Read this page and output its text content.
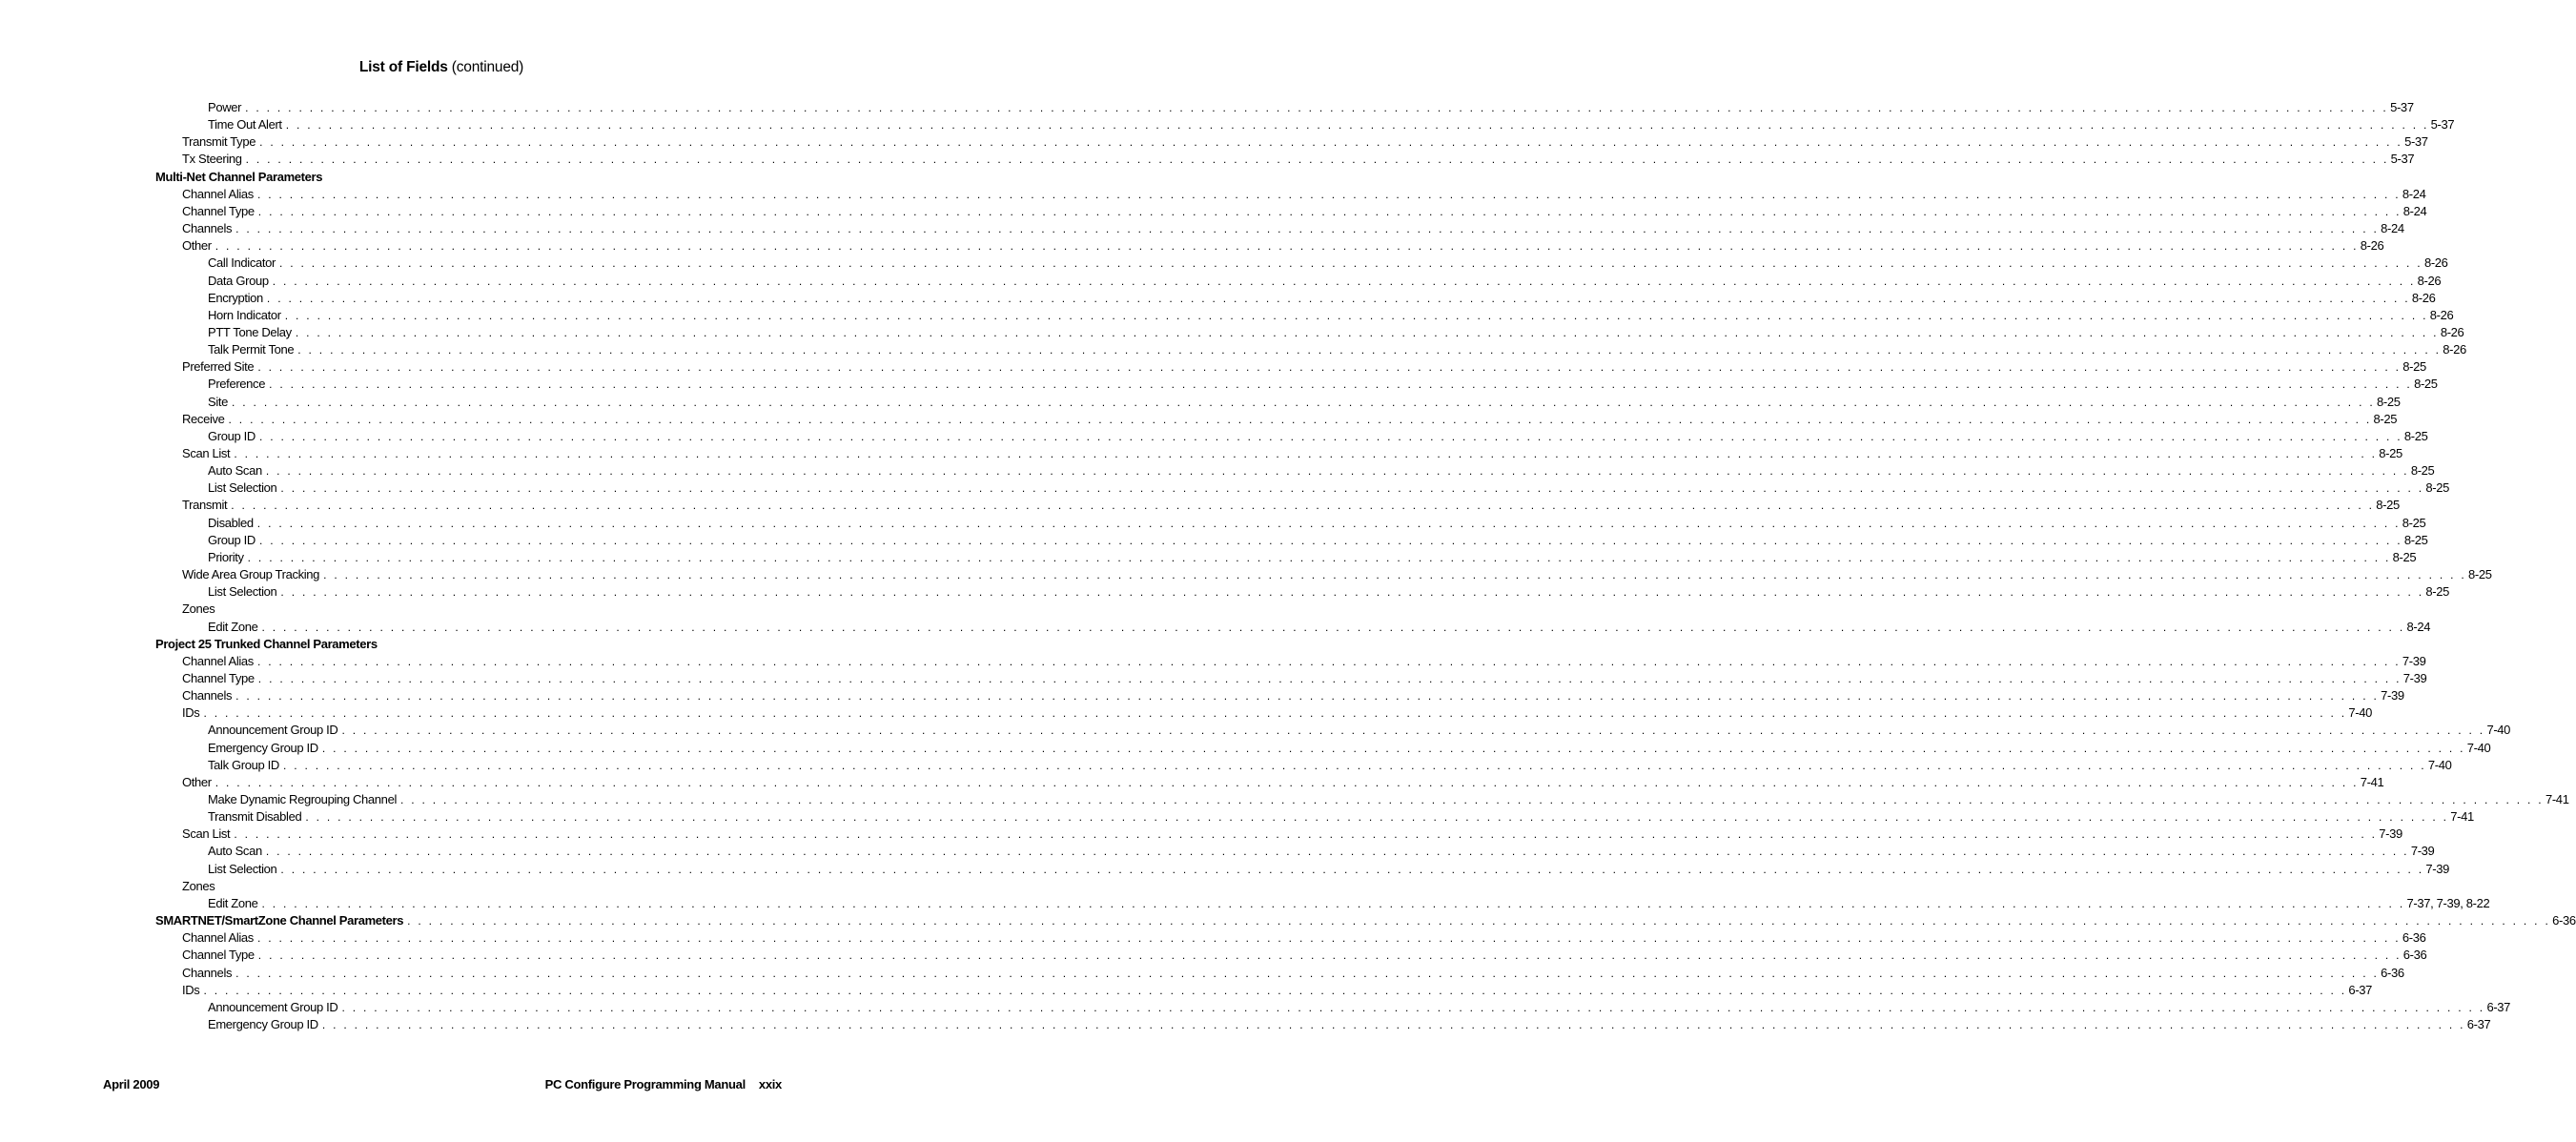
List of Fields (continued)
Power . . . . . . . . . . . . . . . . . . . . . . . . . . . . . . . . . . . . . . . . . . . . . . . . . . . . . . . . . . . . . . . . . . . . . . . . . . . . . . . . . . . . . . . . . . . . . . . . . . . . . . . . . . . . . . . . . . . . . . . . . . . . . . . . . . . . . . . . . . . . . . . . . . . . . . . . . . . . . . . . . . . . . . . . . . . . . . . . . . . . . . . . . . . . . . . . . . . . . . . . 5-37
Time Out Alert . . . . . . . . . . . . . . . . . . . . . . . . . . . . . . . . . . . . . . . . . . . . . . . . . . . . . . . . . . . . . . . . . . . . . . . . . . . . . . . . . . . . . . . . . . . . . . . . . . . . . . . . . . . . . . . . . . . . . . . . . . . . . . . . . . . . . . . . . . . . . . . . . . . . . . . . . . . . . . . . . . . . . . . . . . . . . . . . . . . . . . . . . . . . . . . . . . . . . . . . 5-37
Transmit Type . . . . . . . . . . . . . . . . . . . . . . . . . . . . . . . . . . . . . . . . . . . . . . . . . . . . . . . . . . . . . . . . . . . . . . . . . . . . . . . . . . . . . . . . . . . . . . . . . . . . . . . . . . . . . . . . . . . . . . . . . . . . . . . . . . . . . . . . . . . . . . . . . . . . . . . . . . . . . . . . . . . . . . . . . . . . . . . . . . . . . . . . . . . . . . . . . . . . . . . . 5-37
Tx Steering . . . . . . . . . . . . . . . . . . . . . . . . . . . . . . . . . . . . . . . . . . . . . . . . . . . . . . . . . . . . . . . . . . . . . . . . . . . . . . . . . . . . . . . . . . . . . . . . . . . . . . . . . . . . . . . . . . . . . . . . . . . . . . . . . . . . . . . . . . . . . . . . . . . . . . . . . . . . . . . . . . . . . . . . . . . . . . . . . . . . . . . . . . . . . . . . . . . . . . . . 5-37
Multi-Net Channel Parameters
Channel Alias . . . . . . . . . . . . . . . . . . . . . . . . . . . . . . . . . . . . . . . . . . . . . . . . . . . . . . . . . . . . . . . . . . . . . . . . . . . . . . . . . . . . . . . . . . . . . . . . . . . . . . . . . . . . . . . . . . . . . . . . . . . . . . . . . . . . . . . . . . . . . . . . . . . . . . . . . . . . . . . . . . . . . . . . . . . . . . . . . . . . . . . . . . . . . . . . . . . . . . . . 8-24
Channel Type . . . . . . . . . . . . . . . . . . . . . . . . . . . . . . . . . . . . . . . . . . . . . . . . . . . . . . . . . . . . . . . . . . . . . . . . . . . . . . . . . . . . . . . . . . . . . . . . . . . . . . . . . . . . . . . . . . . . . . . . . . . . . . . . . . . . . . . . . . . . . . . . . . . . . . . . . . . . . . . . . . . . . . . . . . . . . . . . . . . . . . . . . . . . . . . . . . . . . . . . 8-24
Channels . . . . . . . . . . . . . . . . . . . . . . . . . . . . . . . . . . . . . . . . . . . . . . . . . . . . . . . . . . . . . . . . . . . . . . . . . . . . . . . . . . . . . . . . . . . . . . . . . . . . . . . . . . . . . . . . . . . . . . . . . . . . . . . . . . . . . . . . . . . . . . . . . . . . . . . . . . . . . . . . . . . . . . . . . . . . . . . . . . . . . . . . . . . . . . . . . . . . . . . . 8-24
Other . . . . . . . . . . . . . . . . . . . . . . . . . . . . . . . . . . . . . . . . . . . . . . . . . . . . . . . . . . . . . . . . . . . . . . . . . . . . . . . . . . . . . . . . . . . . . . . . . . . . . . . . . . . . . . . . . . . . . . . . . . . . . . . . . . . . . . . . . . . . . . . . . . . . . . . . . . . . . . . . . . . . . . . . . . . . . . . . . . . . . . . . . . . . . . . . . . . . . . . . 8-26
Call Indicator . . . . . . . . . . . . . . . . . . . . . . . . . . . . . . . . . . . . . . . . . . . . . . . . . . . . . . . . . . . . . . . . . . . . . . . . . . . . . . . . . . . . . . . . . . . . . . . . . . . . . . . . . . . . . . . . . . . . . . . . . . . . . . . . . . . . . . . . . . . . . . . . . . . . . . . . . . . . . . . . . . . . . . . . . . . . . . . . . . . . . . . . . . . . . . . . . . . . . . . . 8-26
Data Group . . . . . . . . . . . . . . . . . . . . . . . . . . . . . . . . . . . . . . . . . . . . . . . . . . . . . . . . . . . . . . . . . . . . . . . . . . . . . . . . . . . . . . . . . . . . . . . . . . . . . . . . . . . . . . . . . . . . . . . . . . . . . . . . . . . . . . . . . . . . . . . . . . . . . . . . . . . . . . . . . . . . . . . . . . . . . . . . . . . . . . . . . . . . . . . . . . . . . . . . 8-26
Encryption . . . . . . . . . . . . . . . . . . . . . . . . . . . . . . . . . . . . . . . . . . . . . . . . . . . . . . . . . . . . . . . . . . . . . . . . . . . . . . . . . . . . . . . . . . . . . . . . . . . . . . . . . . . . . . . . . . . . . . . . . . . . . . . . . . . . . . . . . . . . . . . . . . . . . . . . . . . . . . . . . . . . . . . . . . . . . . . . . . . . . . . . . . . . . . . . . . . . . . . . 8-26
Horn Indicator . . . . . . . . . . . . . . . . . . . . . . . . . . . . . . . . . . . . . . . . . . . . . . . . . . . . . . . . . . . . . . . . . . . . . . . . . . . . . . . . . . . . . . . . . . . . . . . . . . . . . . . . . . . . . . . . . . . . . . . . . . . . . . . . . . . . . . . . . . . . . . . . . . . . . . . . . . . . . . . . . . . . . . . . . . . . . . . . . . . . . . . . . . . . . . . . . . . . . . . . 8-26
PTT Tone Delay . . . . . . . . . . . . . . . . . . . . . . . . . . . . . . . . . . . . . . . . . . . . . . . . . . . . . . . . . . . . . . . . . . . . . . . . . . . . . . . . . . . . . . . . . . . . . . . . . . . . . . . . . . . . . . . . . . . . . . . . . . . . . . . . . . . . . . . . . . . . . . . . . . . . . . . . . . . . . . . . . . . . . . . . . . . . . . . . . . . . . . . . . . . . . . . . . . . . . . . . 8-26
Talk Permit Tone . . . . . . . . . . . . . . . . . . . . . . . . . . . . . . . . . . . . . . . . . . . . . . . . . . . . . . . . . . . . . . . . . . . . . . . . . . . . . . . . . . . . . . . . . . . . . . . . . . . . . . . . . . . . . . . . . . . . . . . . . . . . . . . . . . . . . . . . . . . . . . . . . . . . . . . . . . . . . . . . . . . . . . . . . . . . . . . . . . . . . . . . . . . . . . . . . . . . . . . . 8-26
Preferred Site . . . . . . . . . . . . . . . . . . . . . . . . . . . . . . . . . . . . . . . . . . . . . . . . . . . . . . . . . . . . . . . . . . . . . . . . . . . . . . . . . . . . . . . . . . . . . . . . . . . . . . . . . . . . . . . . . . . . . . . . . . . . . . . . . . . . . . . . . . . . . . . . . . . . . . . . . . . . . . . . . . . . . . . . . . . . . . . . . . . . . . . . . . . . . . . . . . . . . . . . 8-25
Preference . . . . . . . . . . . . . . . . . . . . . . . . . . . . . . . . . . . . . . . . . . . . . . . . . . . . . . . . . . . . . . . . . . . . . . . . . . . . . . . . . . . . . . . . . . . . . . . . . . . . . . . . . . . . . . . . . . . . . . . . . . . . . . . . . . . . . . . . . . . . . . . . . . . . . . . . . . . . . . . . . . . . . . . . . . . . . . . . . . . . . . . . . . . . . . . . . . . . . . . . 8-25
Site . . . . . . . . . . . . . . . . . . . . . . . . . . . . . . . . . . . . . . . . . . . . . . . . . . . . . . . . . . . . . . . . . . . . . . . . . . . . . . . . . . . . . . . . . . . . . . . . . . . . . . . . . . . . . . . . . . . . . . . . . . . . . . . . . . . . . . . . . . . . . . . . . . . . . . . . . . . . . . . . . . . . . . . . . . . . . . . . . . . . . . . . . . . . . . . . . . . . . . . . 8-25
Receive . . . . . . . . . . . . . . . . . . . . . . . . . . . . . . . . . . . . . . . . . . . . . . . . . . . . . . . . . . . . . . . . . . . . . . . . . . . . . . . . . . . . . . . . . . . . . . . . . . . . . . . . . . . . . . . . . . . . . . . . . . . . . . . . . . . . . . . . . . . . . . . . . . . . . . . . . . . . . . . . . . . . . . . . . . . . . . . . . . . . . . . . . . . . . . . . . . . . . . . . 8-25
Group ID . . . . . . . . . . . . . . . . . . . . . . . . . . . . . . . . . . . . . . . . . . . . . . . . . . . . . . . . . . . . . . . . . . . . . . . . . . . . . . . . . . . . . . . . . . . . . . . . . . . . . . . . . . . . . . . . . . . . . . . . . . . . . . . . . . . . . . . . . . . . . . . . . . . . . . . . . . . . . . . . . . . . . . . . . . . . . . . . . . . . . . . . . . . . . . . . . . . . . . . . 8-25
Scan List . . . . . . . . . . . . . . . . . . . . . . . . . . . . . . . . . . . . . . . . . . . . . . . . . . . . . . . . . . . . . . . . . . . . . . . . . . . . . . . . . . . . . . . . . . . . . . . . . . . . . . . . . . . . . . . . . . . . . . . . . . . . . . . . . . . . . . . . . . . . . . . . . . . . . . . . . . . . . . . . . . . . . . . . . . . . . . . . . . . . . . . . . . . . . . . . . . . . . . . . 8-25
Auto Scan . . . . . . . . . . . . . . . . . . . . . . . . . . . . . . . . . . . . . . . . . . . . . . . . . . . . . . . . . . . . . . . . . . . . . . . . . . . . . . . . . . . . . . . . . . . . . . . . . . . . . . . . . . . . . . . . . . . . . . . . . . . . . . . . . . . . . . . . . . . . . . . . . . . . . . . . . . . . . . . . . . . . . . . . . . . . . . . . . . . . . . . . . . . . . . . . . . . . . . . . 8-25
List Selection . . . . . . . . . . . . . . . . . . . . . . . . . . . . . . . . . . . . . . . . . . . . . . . . . . . . . . . . . . . . . . . . . . . . . . . . . . . . . . . . . . . . . . . . . . . . . . . . . . . . . . . . . . . . . . . . . . . . . . . . . . . . . . . . . . . . . . . . . . . . . . . . . . . . . . . . . . . . . . . . . . . . . . . . . . . . . . . . . . . . . . . . . . . . . . . . . . . . . . . . 8-25
Transmit . . . . . . . . . . . . . . . . . . . . . . . . . . . . . . . . . . . . . . . . . . . . . . . . . . . . . . . . . . . . . . . . . . . . . . . . . . . . . . . . . . . . . . . . . . . . . . . . . . . . . . . . . . . . . . . . . . . . . . . . . . . . . . . . . . . . . . . . . . . . . . . . . . . . . . . . . . . . . . . . . . . . . . . . . . . . . . . . . . . . . . . . . . . . . . . . . . . . . . . . 8-25
Disabled . . . . . . . . . . . . . . . . . . . . . . . . . . . . . . . . . . . . . . . . . . . . . . . . . . . . . . . . . . . . . . . . . . . . . . . . . . . . . . . . . . . . . . . . . . . . . . . . . . . . . . . . . . . . . . . . . . . . . . . . . . . . . . . . . . . . . . . . . . . . . . . . . . . . . . . . . . . . . . . . . . . . . . . . . . . . . . . . . . . . . . . . . . . . . . . . . . . . . . . . 8-25
Group ID . . . . . . . . . . . . . . . . . . . . . . . . . . . . . . . . . . . . . . . . . . . . . . . . . . . . . . . . . . . . . . . . . . . . . . . . . . . . . . . . . . . . . . . . . . . . . . . . . . . . . . . . . . . . . . . . . . . . . . . . . . . . . . . . . . . . . . . . . . . . . . . . . . . . . . . . . . . . . . . . . . . . . . . . . . . . . . . . . . . . . . . . . . . . . . . . . . . . . . . . 8-25
Priority . . . . . . . . . . . . . . . . . . . . . . . . . . . . . . . . . . . . . . . . . . . . . . . . . . . . . . . . . . . . . . . . . . . . . . . . . . . . . . . . . . . . . . . . . . . . . . . . . . . . . . . . . . . . . . . . . . . . . . . . . . . . . . . . . . . . . . . . . . . . . . . . . . . . . . . . . . . . . . . . . . . . . . . . . . . . . . . . . . . . . . . . . . . . . . . . . . . . . . . . 8-25
Wide Area Group Tracking . . . . . . . . . . . . . . . . . . . . . . . . . . . . . . . . . . . . . . . . . . . . . . . . . . . . . . . . . . . . . . . . . . . . . . . . . . . . . . . . . . . . . . . . . . . . . . . . . . . . . . . . . . . . . . . . . . . . . . . . . . . . . . . . . . . . . . . . . . . . . . . . . . . . . . . . . . . . . . . . . . . . . . . . . . . . . . . . . . . . . . . . . . . . . . . . . . . . . . . . 8-25
List Selection . . . . . . . . . . . . . . . . . . . . . . . . . . . . . . . . . . . . . . . . . . . . . . . . . . . . . . . . . . . . . . . . . . . . . . . . . . . . . . . . . . . . . . . . . . . . . . . . . . . . . . . . . . . . . . . . . . . . . . . . . . . . . . . . . . . . . . . . . . . . . . . . . . . . . . . . . . . . . . . . . . . . . . . . . . . . . . . . . . . . . . . . . . . . . . . . . . . . . . . . 8-25
Zones
Edit Zone . . . . . . . . . . . . . . . . . . . . . . . . . . . . . . . . . . . . . . . . . . . . . . . . . . . . . . . . . . . . . . . . . . . . . . . . . . . . . . . . . . . . . . . . . . . . . . . . . . . . . . . . . . . . . . . . . . . . . . . . . . . . . . . . . . . . . . . . . . . . . . . . . . . . . . . . . . . . . . . . . . . . . . . . . . . . . . . . . . . . . . . . . . . . . . . . . . . . . . . . 8-24
Project 25 Trunked Channel Parameters
Channel Alias . . . . . . . . . . . . . . . . . . . . . . . . . . . . . . . . . . . . . . . . . . . . . . . . . . . . . . . . . . . . . . . . . . . . . . . . . . . . . . . . . . . . . . . . . . . . . . . . . . . . . . . . . . . . . . . . . . . . . . . . . . . . . . . . . . . . . . . . . . . . . . . . . . . . . . . . . . . . . . . . . . . . . . . . . . . . . . . . . . . . . . . . . . . . . . . . . . . . . . . . 7-39
Channel Type . . . . . . . . . . . . . . . . . . . . . . . . . . . . . . . . . . . . . . . . . . . . . . . . . . . . . . . . . . . . . . . . . . . . . . . . . . . . . . . . . . . . . . . . . . . . . . . . . . . . . . . . . . . . . . . . . . . . . . . . . . . . . . . . . . . . . . . . . . . . . . . . . . . . . . . . . . . . . . . . . . . . . . . . . . . . . . . . . . . . . . . . . . . . . . . . . . . . . . . . 7-39
Channels . . . . . . . . . . . . . . . . . . . . . . . . . . . . . . . . . . . . . . . . . . . . . . . . . . . . . . . . . . . . . . . . . . . . . . . . . . . . . . . . . . . . . . . . . . . . . . . . . . . . . . . . . . . . . . . . . . . . . . . . . . . . . . . . . . . . . . . . . . . . . . . . . . . . . . . . . . . . . . . . . . . . . . . . . . . . . . . . . . . . . . . . . . . . . . . . . . . . . . . . 7-39
IDs . . . . . . . . . . . . . . . . . . . . . . . . . . . . . . . . . . . . . . . . . . . . . . . . . . . . . . . . . . . . . . . . . . . . . . . . . . . . . . . . . . . . . . . . . . . . . . . . . . . . . . . . . . . . . . . . . . . . . . . . . . . . . . . . . . . . . . . . . . . . . . . . . . . . . . . . . . . . . . . . . . . . . . . . . . . . . . . . . . . . . . . . . . . . . . . . . . . . . . . . 7-40
Announcement Group ID . . . . . . . . . . . . . . . . . . . . . . . . . . . . . . . . . . . . . . . . . . . . . . . . . . . . . . . . . . . . . . . . . . . . . . . . . . . . . . . . . . . . . . . . . . . . . . . . . . . . . . . . . . . . . . . . . . . . . . . . . . . . . . . . . . . . . . . . . . . . . . . . . . . . . . . . . . . . . . . . . . . . . . . . . . . . . . . . . . . . . . . . . . . . . . . . . . . . . . . . 7-40
Emergency Group ID . . . . . . . . . . . . . . . . . . . . . . . . . . . . . . . . . . . . . . . . . . . . . . . . . . . . . . . . . . . . . . . . . . . . . . . . . . . . . . . . . . . . . . . . . . . . . . . . . . . . . . . . . . . . . . . . . . . . . . . . . . . . . . . . . . . . . . . . . . . . . . . . . . . . . . . . . . . . . . . . . . . . . . . . . . . . . . . . . . . . . . . . . . . . . . . . . . . . . . . . 7-40
Talk Group ID . . . . . . . . . . . . . . . . . . . . . . . . . . . . . . . . . . . . . . . . . . . . . . . . . . . . . . . . . . . . . . . . . . . . . . . . . . . . . . . . . . . . . . . . . . . . . . . . . . . . . . . . . . . . . . . . . . . . . . . . . . . . . . . . . . . . . . . . . . . . . . . . . . . . . . . . . . . . . . . . . . . . . . . . . . . . . . . . . . . . . . . . . . . . . . . . . . . . . . . . 7-40
Other . . . . . . . . . . . . . . . . . . . . . . . . . . . . . . . . . . . . . . . . . . . . . . . . . . . . . . . . . . . . . . . . . . . . . . . . . . . . . . . . . . . . . . . . . . . . . . . . . . . . . . . . . . . . . . . . . . . . . . . . . . . . . . . . . . . . . . . . . . . . . . . . . . . . . . . . . . . . . . . . . . . . . . . . . . . . . . . . . . . . . . . . . . . . . . . . . . . . . . . . 7-41
Make Dynamic Regrouping Channel . . . . . . . . . . . . . . . . . . . . . . . . . . . . . . . . . . . . . . . . . . . . . . . . . . . . . . . . . . . . . . . . . . . . . . . . . . . . . . . . . . . . . . . . . . . . . . . . . . . . . . . . . . . . . . . . . . . . . . . . . . . . . . . . . . . . . . . . . . . . . . . . . . . . . . . . . . . . . . . . . . . . . . . . . . . . . . . . . . . . . . . . . . . . . . . . . . . . . . . . 7-41
Transmit Disabled . . . . . . . . . . . . . . . . . . . . . . . . . . . . . . . . . . . . . . . . . . . . . . . . . . . . . . . . . . . . . . . . . . . . . . . . . . . . . . . . . . . . . . . . . . . . . . . . . . . . . . . . . . . . . . . . . . . . . . . . . . . . . . . . . . . . . . . . . . . . . . . . . . . . . . . . . . . . . . . . . . . . . . . . . . . . . . . . . . . . . . . . . . . . . . . . . . . . . . . . 7-41
Scan List . . . . . . . . . . . . . . . . . . . . . . . . . . . . . . . . . . . . . . . . . . . . . . . . . . . . . . . . . . . . . . . . . . . . . . . . . . . . . . . . . . . . . . . . . . . . . . . . . . . . . . . . . . . . . . . . . . . . . . . . . . . . . . . . . . . . . . . . . . . . . . . . . . . . . . . . . . . . . . . . . . . . . . . . . . . . . . . . . . . . . . . . . . . . . . . . . . . . . . . . 7-39
Auto Scan . . . . . . . . . . . . . . . . . . . . . . . . . . . . . . . . . . . . . . . . . . . . . . . . . . . . . . . . . . . . . . . . . . . . . . . . . . . . . . . . . . . . . . . . . . . . . . . . . . . . . . . . . . . . . . . . . . . . . . . . . . . . . . . . . . . . . . . . . . . . . . . . . . . . . . . . . . . . . . . . . . . . . . . . . . . . . . . . . . . . . . . . . . . . . . . . . . . . . . . . 7-39
List Selection . . . . . . . . . . . . . . . . . . . . . . . . . . . . . . . . . . . . . . . . . . . . . . . . . . . . . . . . . . . . . . . . . . . . . . . . . . . . . . . . . . . . . . . . . . . . . . . . . . . . . . . . . . . . . . . . . . . . . . . . . . . . . . . . . . . . . . . . . . . . . . . . . . . . . . . . . . . . . . . . . . . . . . . . . . . . . . . . . . . . . . . . . . . . . . . . . . . . . . . . 7-39
Zones
Edit Zone . . . . . . . . . . . . . . . . . . . . . . . . . . . . . . . . . . . . . . . . . . . . . . . . . . . . . . . . . . . . . . . . . . . . . . . . . . . . . . . . . . . . . . . . . . . . . . . . . . . . . . . . . . . . . . . . . . . . . . . . . . . . . . . . . . . . . . . . . . . . . . . . . . . . . . . . . . . . . . . . . . . . . . . . . . . . . . . . . . . . . . . . . . . . . . . . . . . . . . . . 7-37, 7-39, 8-22
SMARTNET/SmartZone Channel Parameters . . . . . . . . . . . . . . . . . . . . . . . . . . . . . . . . . . . . . . . . . . . . . . . . . . . . . . . . . . . . . . . . . . . . . . . . . . . . . . . . . . . . . . . . . . . . . . . . . . . . . . . . . . . . . . . . . . . . . . . . . . . . . . . . . . . . . . . . . . . . . . . . . . . . . . . . . . . . . . . . . . . . . . . . . . . . . . . . . . . . . . . . . . . . . . . . . . . . . . . . 6-36
Channel Alias . . . . . . . . . . . . . . . . . . . . . . . . . . . . . . . . . . . . . . . . . . . . . . . . . . . . . . . . . . . . . . . . . . . . . . . . . . . . . . . . . . . . . . . . . . . . . . . . . . . . . . . . . . . . . . . . . . . . . . . . . . . . . . . . . . . . . . . . . . . . . . . . . . . . . . . . . . . . . . . . . . . . . . . . . . . . . . . . . . . . . . . . . . . . . . . . . . . . . . . . 6-36
Channel Type . . . . . . . . . . . . . . . . . . . . . . . . . . . . . . . . . . . . . . . . . . . . . . . . . . . . . . . . . . . . . . . . . . . . . . . . . . . . . . . . . . . . . . . . . . . . . . . . . . . . . . . . . . . . . . . . . . . . . . . . . . . . . . . . . . . . . . . . . . . . . . . . . . . . . . . . . . . . . . . . . . . . . . . . . . . . . . . . . . . . . . . . . . . . . . . . . . . . . . . . 6-36
Channels . . . . . . . . . . . . . . . . . . . . . . . . . . . . . . . . . . . . . . . . . . . . . . . . . . . . . . . . . . . . . . . . . . . . . . . . . . . . . . . . . . . . . . . . . . . . . . . . . . . . . . . . . . . . . . . . . . . . . . . . . . . . . . . . . . . . . . . . . . . . . . . . . . . . . . . . . . . . . . . . . . . . . . . . . . . . . . . . . . . . . . . . . . . . . . . . . . . . . . . . 6-36
IDs . . . . . . . . . . . . . . . . . . . . . . . . . . . . . . . . . . . . . . . . . . . . . . . . . . . . . . . . . . . . . . . . . . . . . . . . . . . . . . . . . . . . . . . . . . . . . . . . . . . . . . . . . . . . . . . . . . . . . . . . . . . . . . . . . . . . . . . . . . . . . . . . . . . . . . . . . . . . . . . . . . . . . . . . . . . . . . . . . . . . . . . . . . . . . . . . . . . . . . . . 6-37
Announcement Group ID . . . . . . . . . . . . . . . . . . . . . . . . . . . . . . . . . . . . . . . . . . . . . . . . . . . . . . . . . . . . . . . . . . . . . . . . . . . . . . . . . . . . . . . . . . . . . . . . . . . . . . . . . . . . . . . . . . . . . . . . . . . . . . . . . . . . . . . . . . . . . . . . . . . . . . . . . . . . . . . . . . . . . . . . . . . . . . . . . . . . . . . . . . . . . . . . . . . . . . . . 6-37
Emergency Group ID . . . . . . . . . . . . . . . . . . . . . . . . . . . . . . . . . . . . . . . . . . . . . . . . . . . . . . . . . . . . . . . . . . . . . . . . . . . . . . . . . . . . . . . . . . . . . . . . . . . . . . . . . . . . . . . . . . . . . . . . . . . . . . . . . . . . . . . . . . . . . . . . . . . . . . . . . . . . . . . . . . . . . . . . . . . . . . . . . . . . . . . . . . . . . . . . . . . . . . . . 6-37
April 2009	PC Configure Programming Manual xxix
